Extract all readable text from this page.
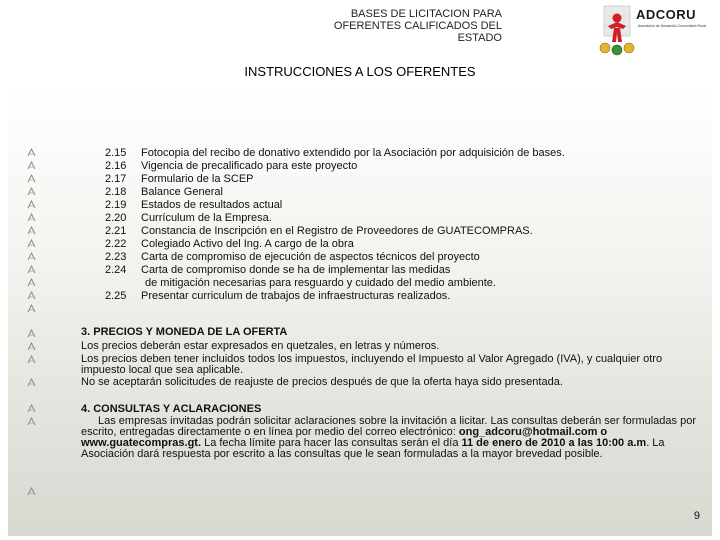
BASES DE LICITACION PARA
OFERENTES CALIFICADOS DEL
ESTADO
ADCORU
Asociación de Desarrollo Comunitario Rural
INSTRUCCIONES A LOS OFERENTES
2.15 Fotocopia del recibo de donativo extendido por la Asociación por adquisición de bases.
2.16 Vigencia de precalificado para este proyecto
2.17 Formulario de la SCEP
2.18 Balance General
2.19 Estados de resultados actual
2.20 Currículum de la Empresa.
2.21 Constancia de Inscripción en el Registro de Proveedores de GUATECOMPRAS.
2.22 Colegiado Activo del Ing. A cargo de la obra
2.23 Carta de compromiso de ejecución de aspectos técnicos del proyecto
2.24 Carta de compromiso donde se ha de implementar las medidas
de mitigación necesarias para resguardo y cuidado del medio ambiente.
2.25 Presentar curriculum de trabajos de infraestructuras realizados.
3. PRECIOS Y MONEDA DE LA OFERTA
Los precios deberán estar expresados en quetzales, en letras y números.
Los precios deben tener incluidos todos los impuestos, incluyendo el Impuesto al Valor Agregado (IVA), y cualquier otro impuesto local que sea aplicable.
No se aceptarán solicitudes de reajuste de precios después de que la oferta haya sido presentada.
4. CONSULTAS Y ACLARACIONES
Las empresas invitadas podrán solicitar aclaraciones sobre la invitación a licitar. Las consultas deberán ser formuladas por escrito, entregadas directamente o en línea por medio del correo electrónico: ong_adcoru@hotmail.com o www.guatecompras.gt. La fecha límite para hacer las consultas serán el día 11 de enero de 2010 a las 10:00 a.m. La Asociación dará respuesta por escrito a las consultas que le sean formuladas a la mayor brevedad posible.
9
